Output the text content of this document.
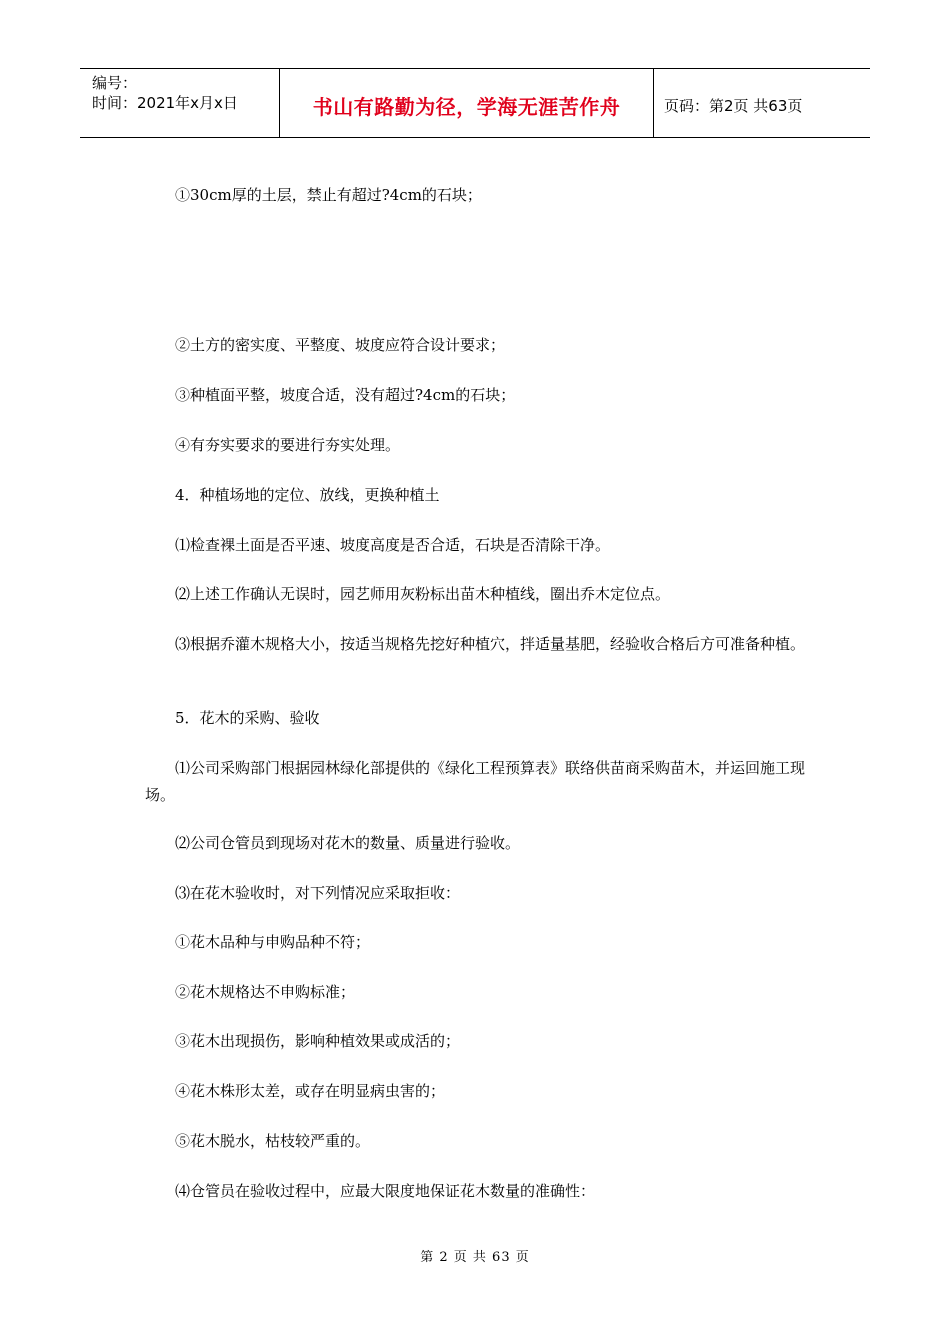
编号：
时间：2021年x月x日	书山有路勤为径，学海无涯苦作舟	页码：第2页 共63页

　　①30cm厚的土层，禁止有超过?4cm的石块；

　　②土方的密实度、平整度、坡度应符合设计要求；

　　③种植面平整，坡度合适，没有超过?4cm的石块；

　　④有夯实要求的要进行夯实处理。

　　4．种植场地的定位、放线，更换种植土

　　⑴检查裸土面是否平速、坡度高度是否合适，石块是否清除干净。

　　⑵上述工作确认无误时，园艺师用灰粉标出苗木种植线，圈出乔木定位点。

　　⑶根据乔灌木规格大小，按适当规格先挖好种植穴，拌适量基肥，经验收合格后方可准备种植。

　　5．花木的采购、验收

　　⑴公司采购部门根据园林绿化部提供的《绿化工程预算表》联络供苗商采购苗木，并运回施工现场。

　　⑵公司仓管员到现场对花木的数量、质量进行验收。

　　⑶在花木验收时，对下列情况应采取拒收：

　　①花木品种与申购品种不符；

　　②花木规格达不申购标准；

　　③花木出现损伤，影响种植效果或成活的；

　　④花木株形太差，或存在明显病虫害的；

　　⑤花木脱水，枯枝较严重的。

　　⑷仓管员在验收过程中，应最大限度地保证花木数量的准确性：

第 2 页 共 63 页
